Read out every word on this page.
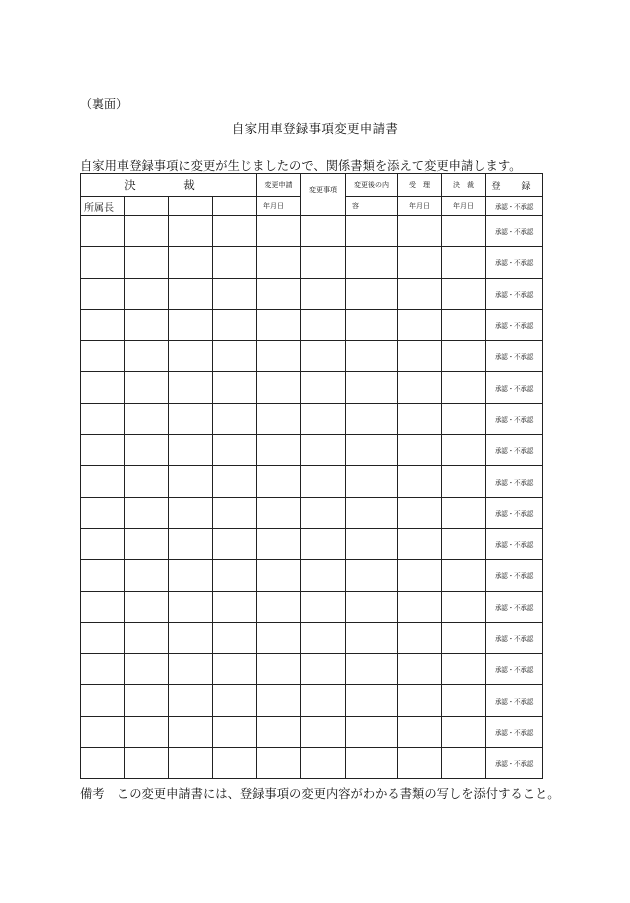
（裏面）
自家用車登録事項変更申請書
自家用車登録事項に変更が生じましたので、関係書類を添えて変更申請します。
決　裁				変更申請	変更事項	変更後の内	受　理	決　裁	登　録
所属長				年月日		容	年月日	年月日	承認・不承認
									承認・不承認
									承認・不承認
									承認・不承認
									承認・不承認
									承認・不承認
									承認・不承認
									承認・不承認
									承認・不承認
									承認・不承認
									承認・不承認
									承認・不承認
									承認・不承認
									承認・不承認
									承認・不承認
									承認・不承認
									承認・不承認
									承認・不承認
									承認・不承認
備考　この変更申請書には、登録事項の変更内容がわかる書類の写しを添付すること。
